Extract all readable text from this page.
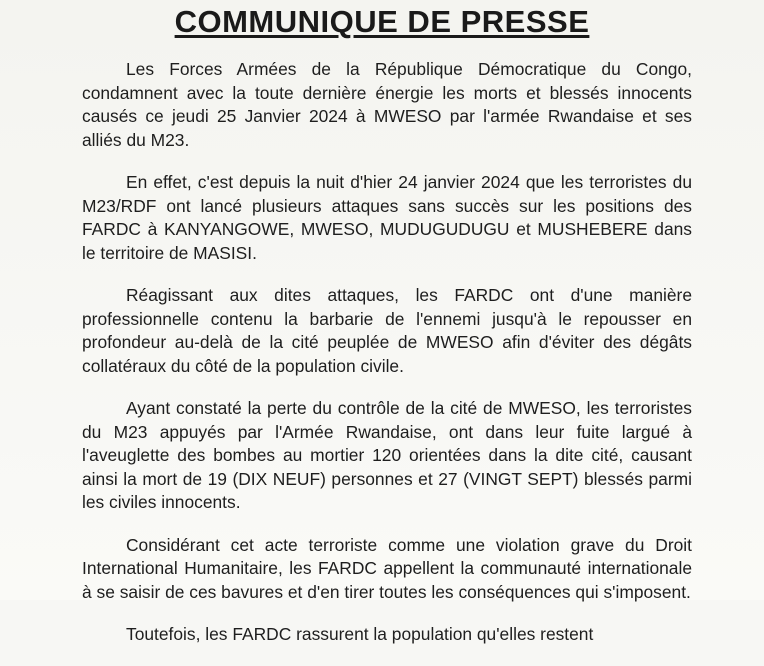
COMMUNIQUE DE PRESSE

Les Forces Armées de la République Démocratique du Congo, condamnent avec la toute dernière énergie les morts et blessés innocents causés ce jeudi 25 Janvier 2024 à MWESO par l'armée Rwandaise et ses alliés du M23.

En effet, c'est depuis la nuit d'hier 24 janvier 2024 que les terroristes du M23/RDF ont lancé plusieurs attaques sans succès sur les positions des FARDC à KANYANGOWE, MWESO, MUDUGUDUGU et MUSHEBERE dans le territoire de MASISI.

Réagissant aux dites attaques, les FARDC ont d'une manière professionnelle contenu la barbarie de l'ennemi jusqu'à le repousser en profondeur au-delà de la cité peuplée de MWESO afin d'éviter des dégâts collatéraux du côté de la population civile.

Ayant constaté la perte du contrôle de la cité de MWESO, les terroristes du M23 appuyés par l'Armée Rwandaise, ont dans leur fuite largué à l'aveuglette des bombes au mortier 120 orientées dans la dite cité, causant ainsi la mort de 19 (DIX NEUF) personnes et 27 (VINGT SEPT) blessés parmi les civiles innocents.

Considérant cet acte terroriste comme une violation grave du Droit International Humanitaire, les FARDC appellent la communauté internationale à se saisir de ces bavures et d'en tirer toutes les conséquences qui s'imposent.

Toutefois, les FARDC rassurent la population qu'elles restent
